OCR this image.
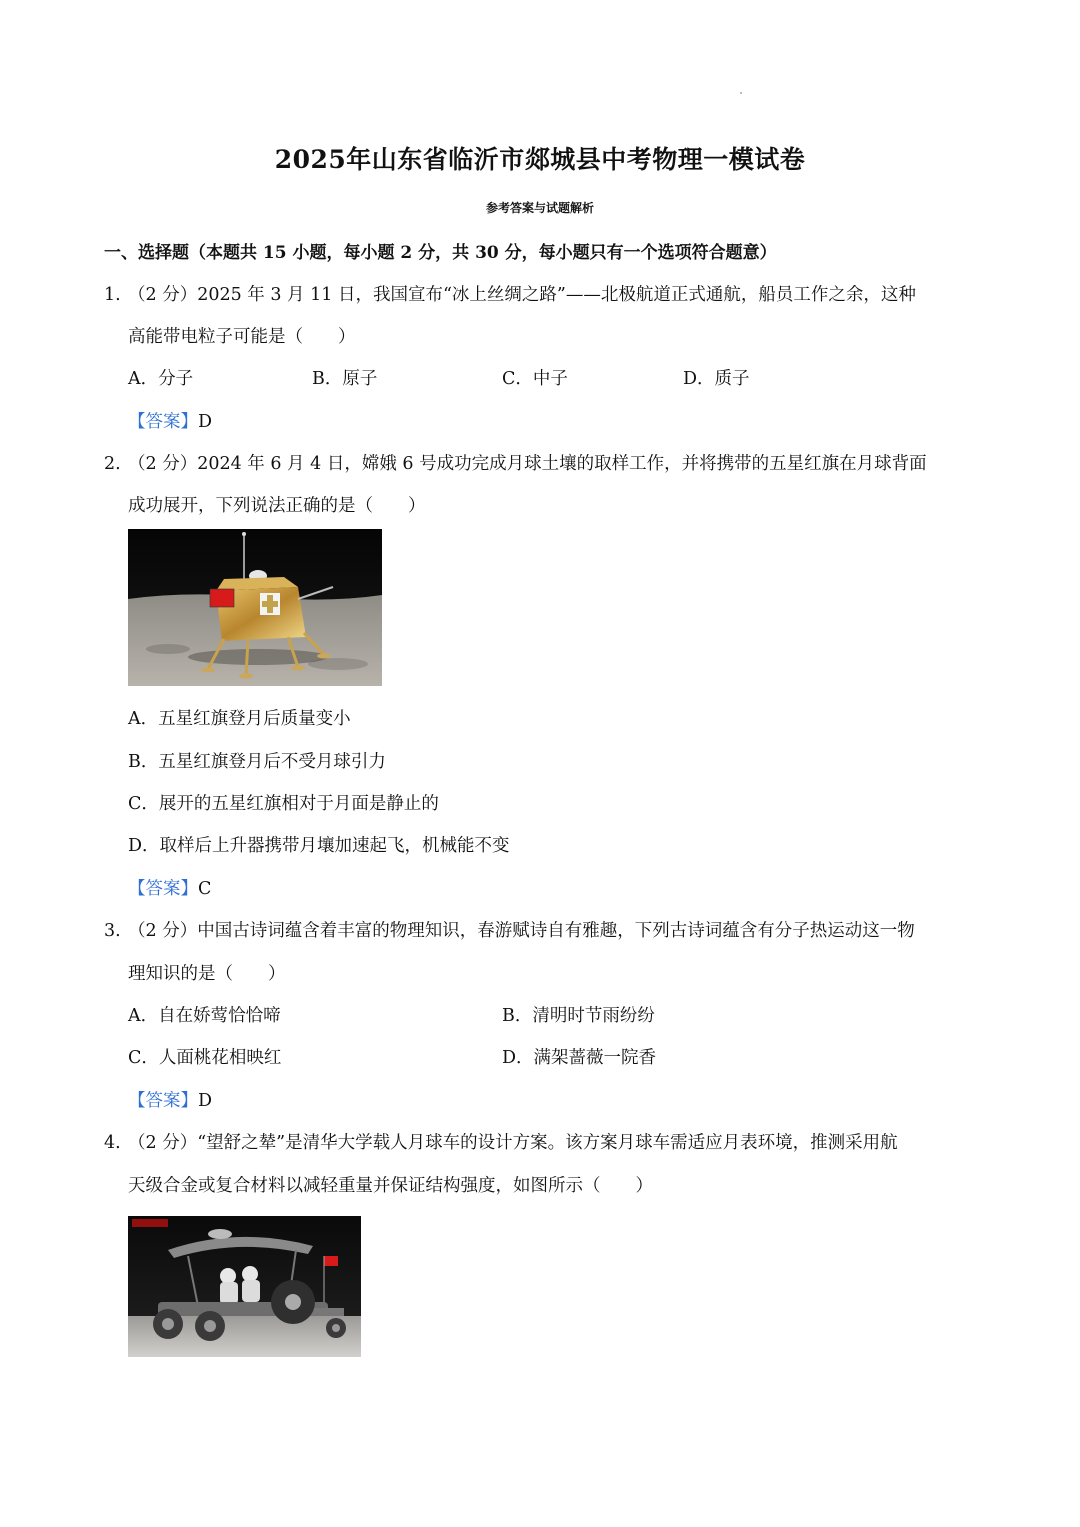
2025年山东省临沂市郯城县中考物理一模试卷
参考答案与试题解析
一、选择题（本题共 15 小题，每小题 2 分，共 30 分，每小题只有一个选项符合题意）
1. （2 分）2025 年 3 月 11 日，我国宣布“冰上丝绸之路”——北极航道正式通航，船员工作之余，这种
高能带电粒子可能是（　　）
A．分子	B．原子	C．中子	D．质子
【答案】D
2. （2 分）2024 年 6 月 4 日，嫦娥 6 号成功完成月球土壤的取样工作，并将携带的五星红旗在月球背面
成功展开，下列说法正确的是（　　）
A．五星红旗登月后质量变小
B．五星红旗登月后不受月球引力
C．展开的五星红旗相对于月面是静止的
D．取样后上升器携带月壤加速起飞，机械能不变
【答案】C
3. （2 分）中国古诗词蕴含着丰富的物理知识，春游赋诗自有雅趣，下列古诗词蕴含有分子热运动这一物
理知识的是（　　）
A．自在娇莺恰恰啼	B．清明时节雨纷纷
C．人面桃花相映红	D．满架蔷薇一院香
【答案】D
4. （2 分）“望舒之辇”是清华大学载人月球车的设计方案。该方案月球车需适应月表环境，推测采用航
天级合金或复合材料以减轻重量并保证结构强度，如图所示（　　）
